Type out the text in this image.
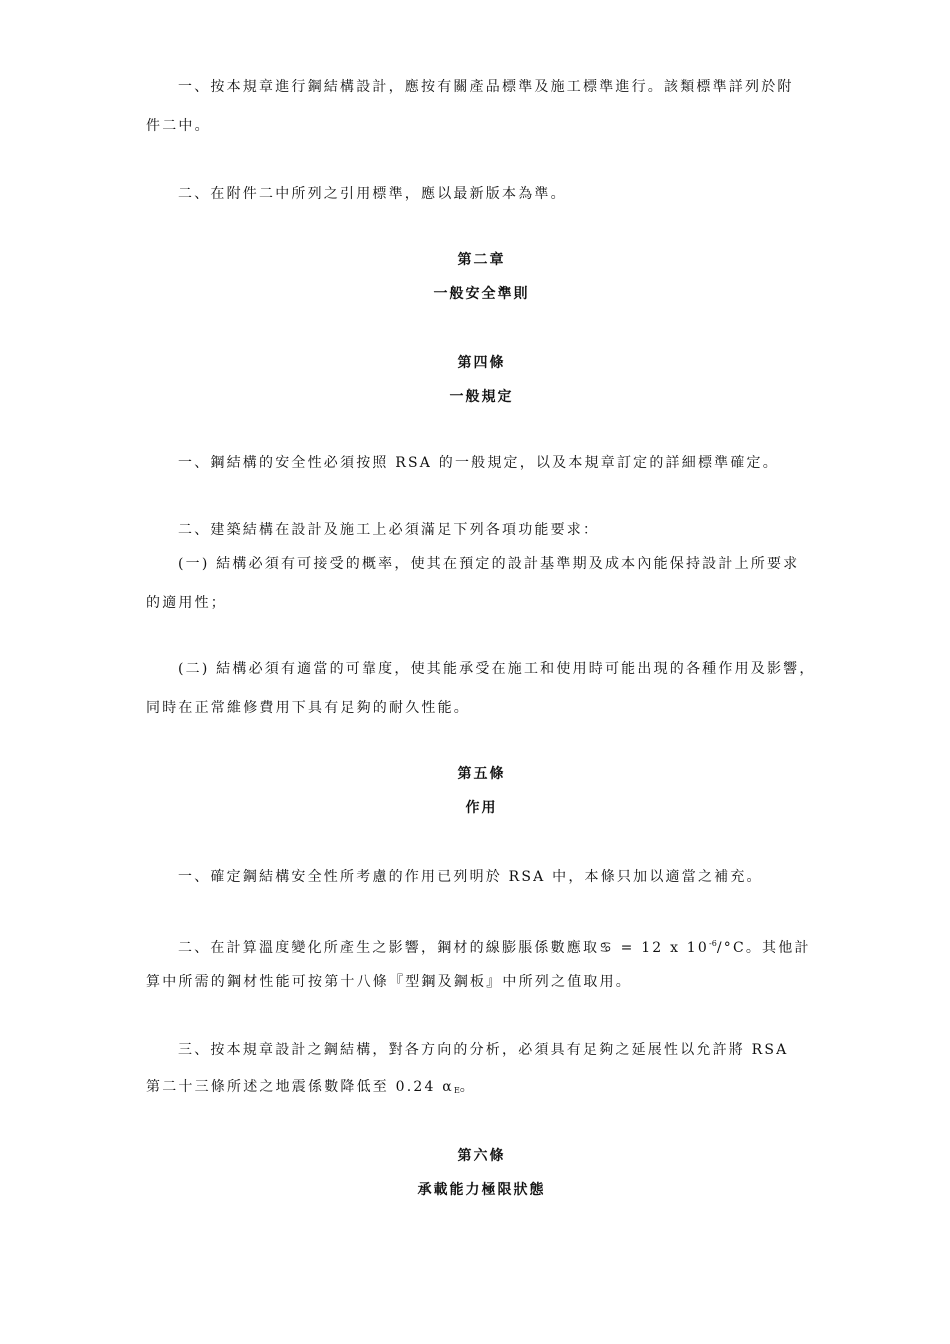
一、按本規章進行鋼結構設計，應按有關產品標準及施工標準進行。該類標準詳列於附
件二中。
二、在附件二中所列之引用標準，應以最新版本為準。
第二章
一般安全準則
第四條
一般規定
一、鋼結構的安全性必須按照 RSA 的一般規定，以及本規章訂定的詳細標準確定。
二、建築結構在設計及施工上必須滿足下列各項功能要求：
(一) 結構必須有可接受的概率，使其在預定的設計基準期及成本內能保持設計上所要求
的適用性；
(二) 結構必須有適當的可靠度，使其能承受在施工和使用時可能出現的各種作用及影響，
同時在正常維修費用下具有足夠的耐久性能。
第五條
作用
一、確定鋼結構安全性所考慮的作用已列明於 RSA 中，本條只加以適當之補充。
二、在計算溫度變化所產生之影響，鋼材的線膨脹係數應取♋ = 12 x $10^{-6}/^\circ C$。其他計
算中所需的鋼材性能可按第十八條『型鋼及鋼板』中所列之值取用。
三、按本規章設計之鋼結構，對各方向的分析，必須具有足夠之延展性以允許將 RSA
第二十三條所述之地震係數降低至 0.24 $\alpha_E$。
第六條
承載能力極限狀態
